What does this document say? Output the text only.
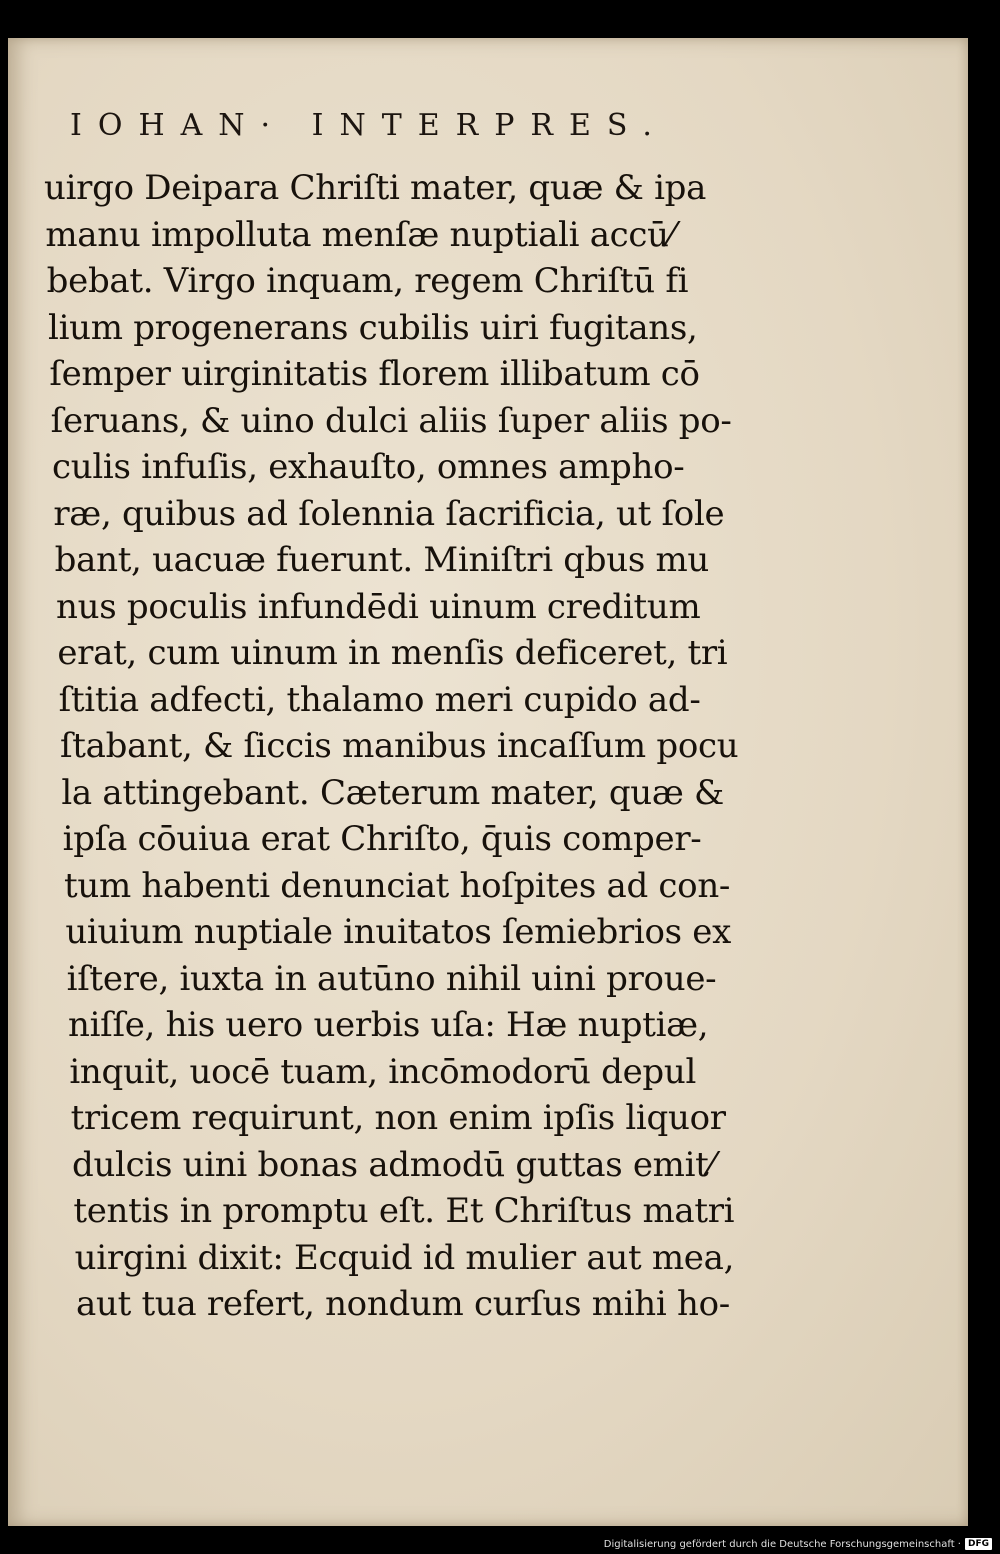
IOHAN· INTERPRES.
uirgo Deipara Chriſti mater, quæ & ipa
manu impolluta menſæ nuptiali accū⁄
bebat. Virgo inquam, regem Chriſtū fi
lium progenerans cubilis uiri fugitans,
ſemper uirginitatis florem illibatum cō
ſeruans, & uino dulci aliis ſuper aliis po-
culis infuſis, exhauſto, omnes ampho-
ræ, quibus ad ſolennia ſacrificia, ut ſole
bant, uacuæ fuerunt. Miniſtri qbus mu
nus poculis infundēdi uinum creditum
erat, cum uinum in menſis deficeret, tri
ſtitia adfecti, thalamo meri cupido ad-
ſtabant, & ſiccis manibus incaſſum pocu
la attingebant. Cæterum mater, quæ &
ipſa cōuiua erat Chriſto, q̄uis comper-
tum habenti denunciat hoſpites ad con-
uiuium nuptiale inuitatos ſemiebrios ex
iſtere, iuxta in autūno nihil uini proue-
niſſe, his uero uerbis uſa: Hæ nuptiæ,
inquit, uocē tuam, incōmodorū depul
tricem requirunt, non enim ipſis liquor
dulcis uini bonas admodū guttas emit⁄
tentis in promptu eſt. Et Chriſtus matri
uirgini dixit: Ecquid id mulier aut mea,
aut tua refert, nondum curſus mihi ho-
Digitalisierung gefördert durch die Deutsche Forschungsgemeinschaft · DFG
